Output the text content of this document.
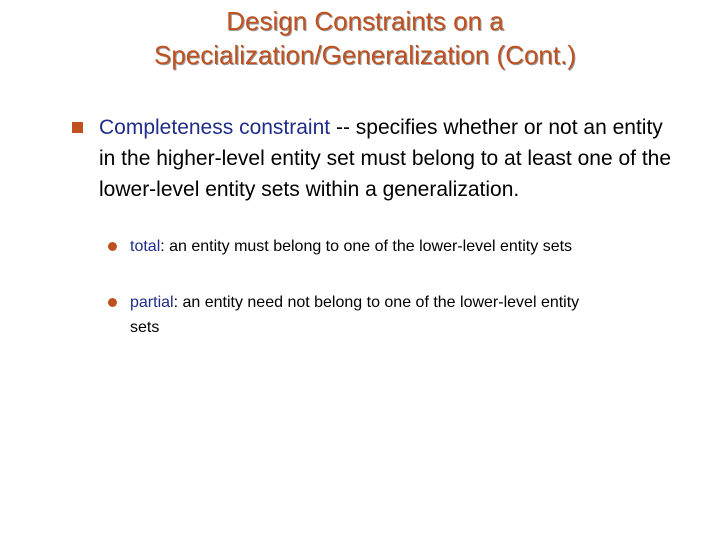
Design Constraints on a
Specialization/Generalization (Cont.)
Completeness constraint -- specifies whether or not an entity in the higher-level entity set must belong to at least one of the lower-level entity sets within a generalization.
total: an entity must belong to one of the lower-level entity sets
partial: an entity need not belong to one of the lower-level entity sets
